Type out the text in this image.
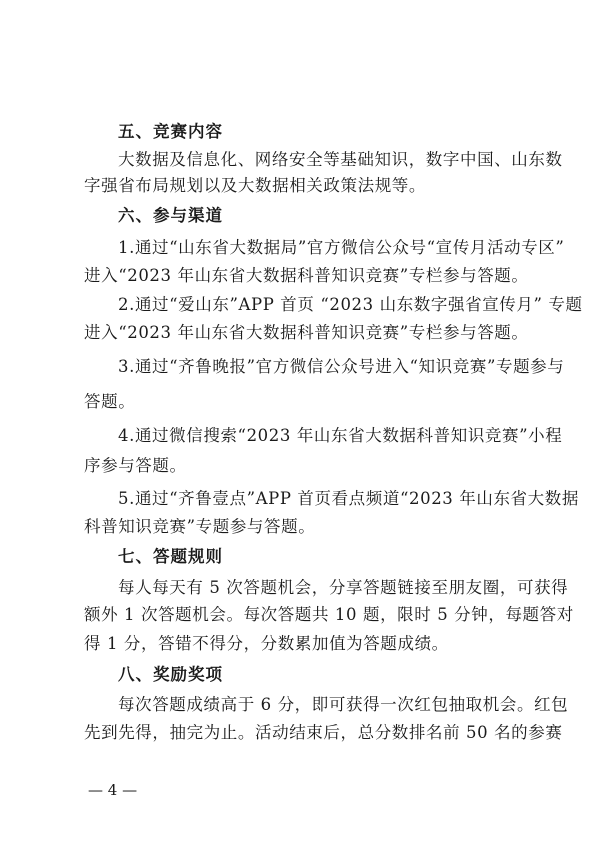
五、竞赛内容
大数据及信息化、网络安全等基础知识，数字中国、山东数
字强省布局规划以及大数据相关政策法规等。
六、参与渠道
1.通过“山东省大数据局”官方微信公众号“宣传月活动专区”
进入“2023 年山东省大数据科普知识竞赛”专栏参与答题。
2.通过“爱山东”APP 首页 “2023 山东数字强省宣传月” 专题
进入“2023 年山东省大数据科普知识竞赛”专栏参与答题。
3.通过“齐鲁晚报”官方微信公众号进入“知识竞赛”专题参与
答题。
4.通过微信搜索“2023 年山东省大数据科普知识竞赛”小程
序参与答题。
5.通过“齐鲁壹点”APP 首页看点频道“2023 年山东省大数据
科普知识竞赛”专题参与答题。
七、答题规则
每人每天有 5 次答题机会，分享答题链接至朋友圈，可获得
额外 1 次答题机会。每次答题共 10 题，限时 5 分钟，每题答对
得 1 分，答错不得分，分数累加值为答题成绩。
八、奖励奖项
每次答题成绩高于 6 分，即可获得一次红包抽取机会。红包
先到先得，抽完为止。活动结束后，总分数排名前 50 名的参赛
— 4 —
